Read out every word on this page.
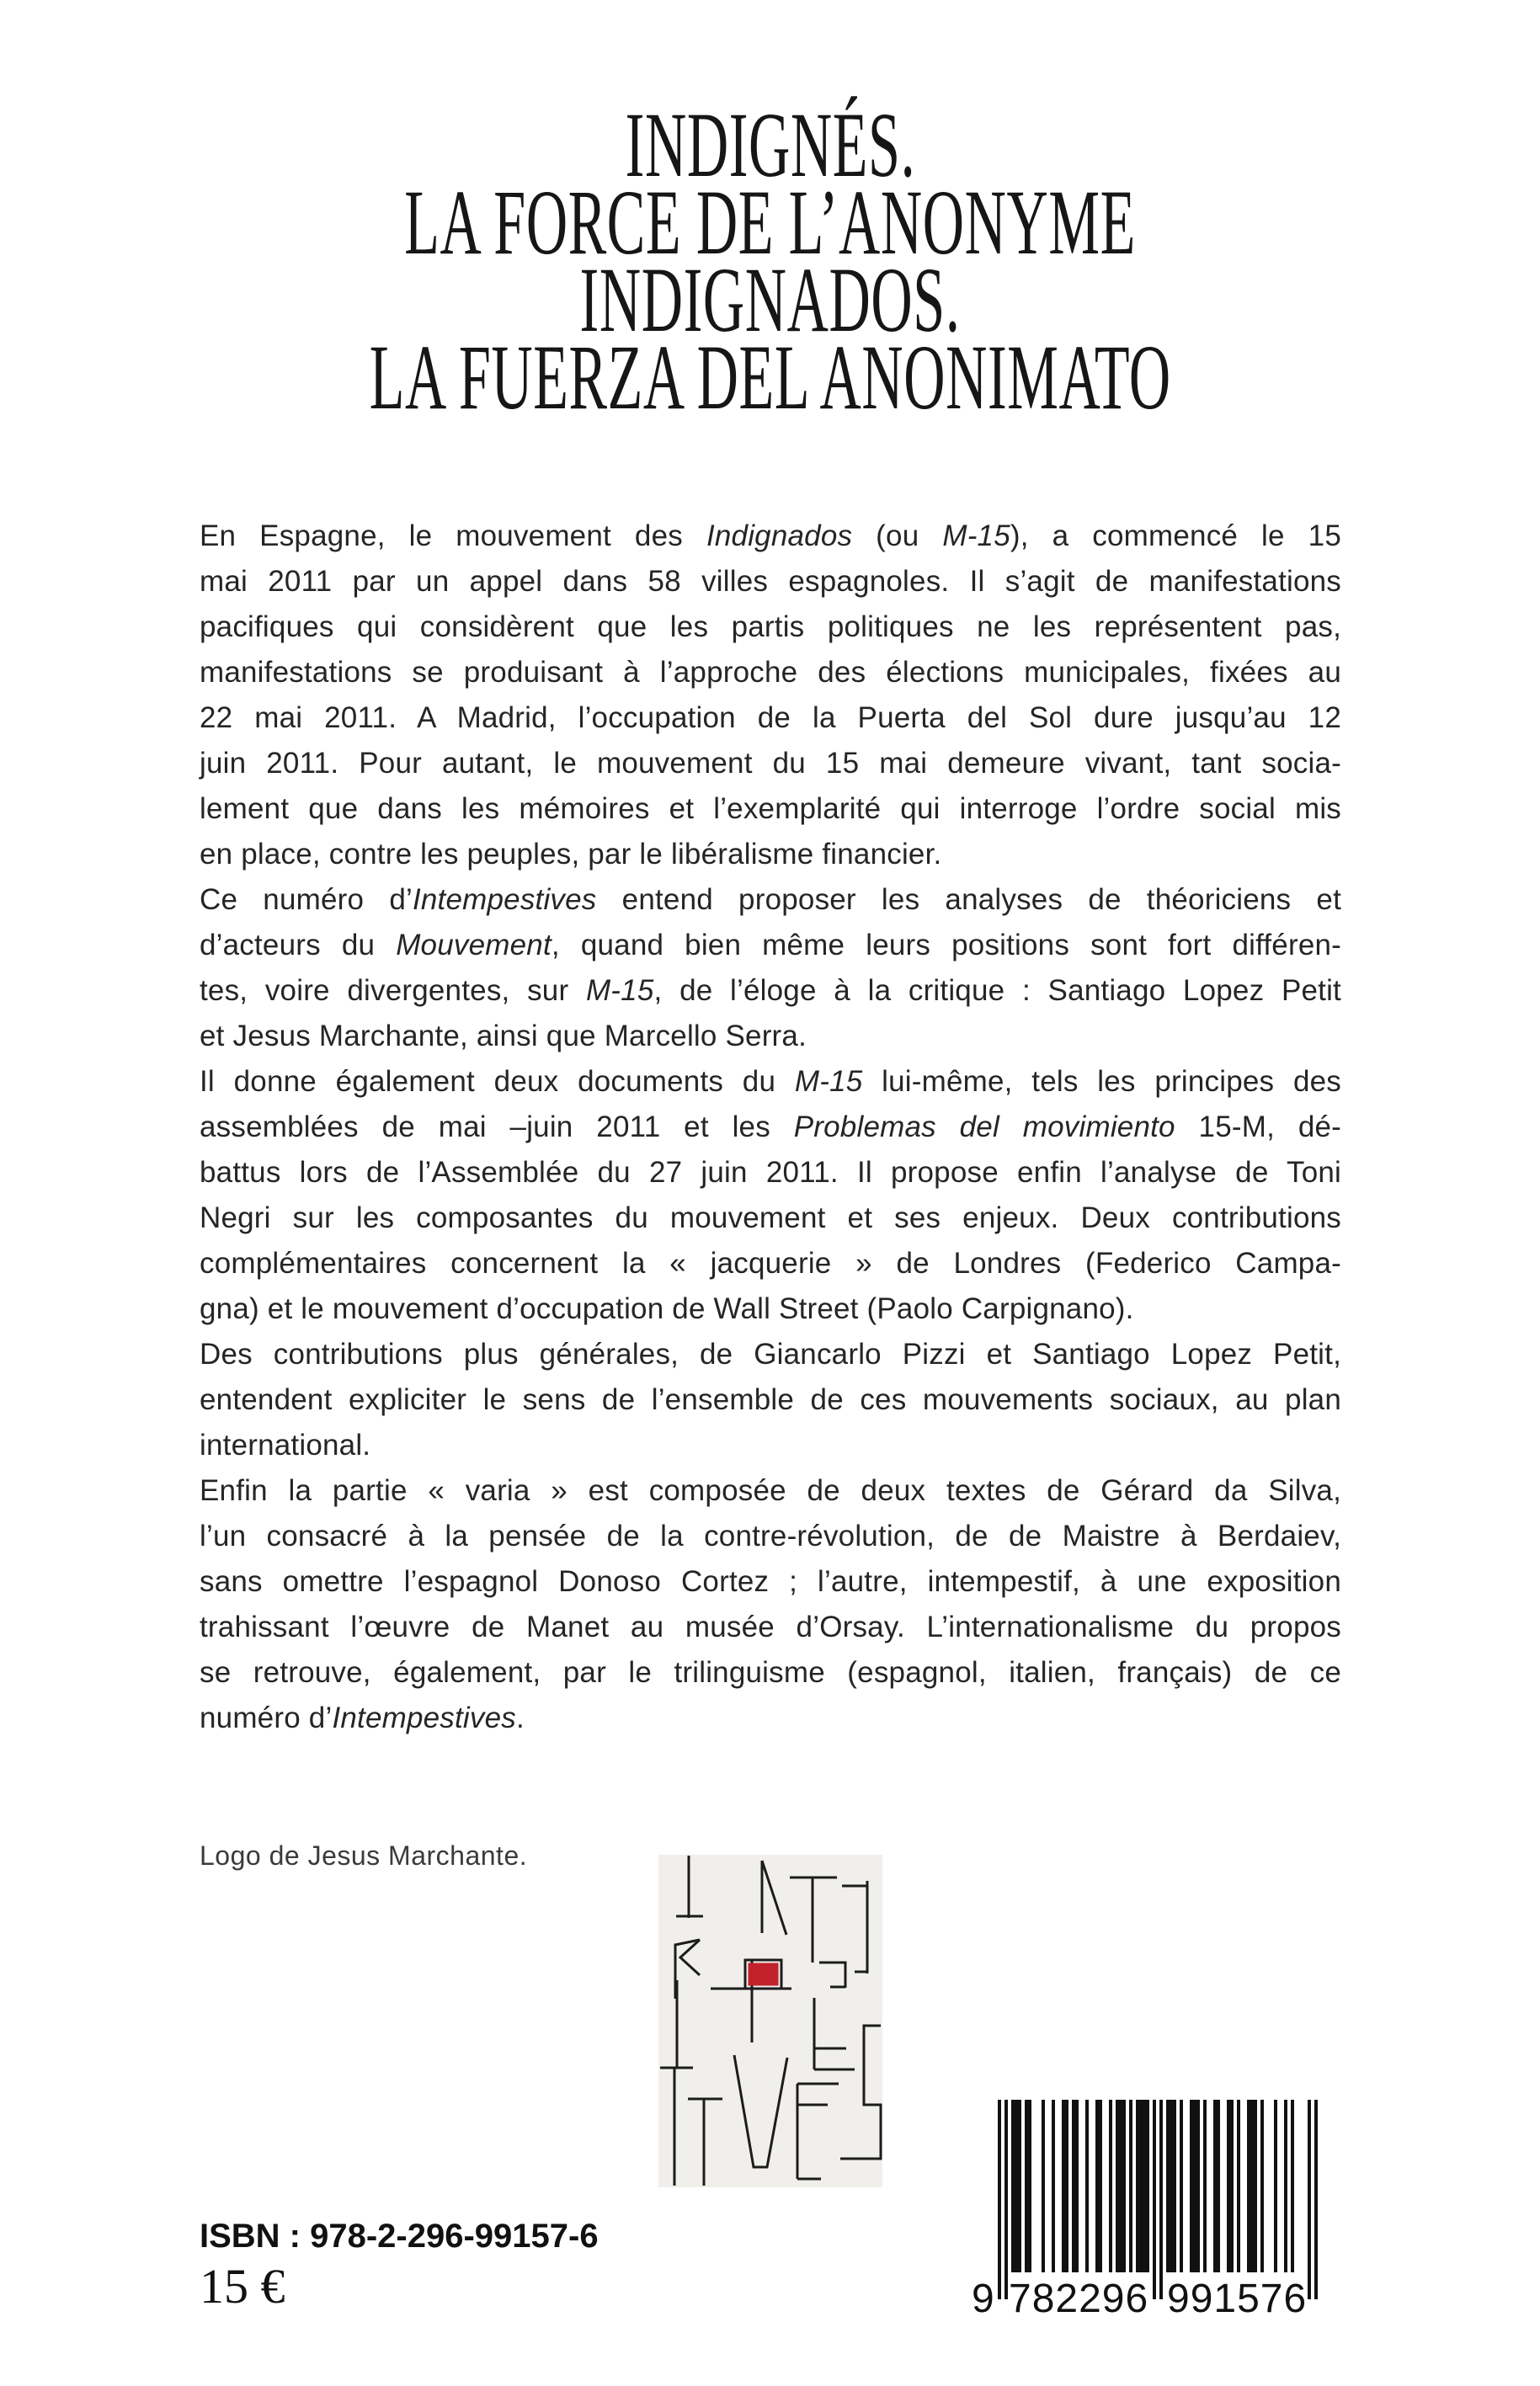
INDIGNÉS.
LA FORCE DE L’ANONYME
INDIGNADOS.
LA FUERZA DEL ANONIMATO
En Espagne, le mouvement des Indignados (ou M-15), a commencé le 15
mai 2011 par un appel dans 58 villes espagnoles. Il s’agit de manifestations
pacifiques qui considèrent que les partis politiques ne les représentent pas,
manifestations se produisant à l’approche des élections municipales, fixées au
22 mai 2011. A Madrid, l’occupation de la Puerta del Sol dure jusqu’au 12
juin 2011. Pour autant, le mouvement du 15 mai demeure vivant, tant socia-
lement que dans les mémoires et l’exemplarité qui interroge l’ordre social mis
en place, contre les peuples, par le libéralisme financier.
Ce numéro d’Intempestives entend proposer les analyses de théoriciens et
d’acteurs du Mouvement, quand bien même leurs positions sont fort différen-
tes, voire divergentes, sur M-15, de l’éloge à la critique : Santiago Lopez Petit
et Jesus Marchante, ainsi que Marcello Serra.
Il donne également deux documents du M-15 lui-même, tels les principes des
assemblées de mai –juin 2011 et les Problemas del movimiento 15-M, dé-
battus lors de l’Assemblée du 27 juin 2011. Il propose enfin l’analyse de Toni
Negri sur les composantes du mouvement et ses enjeux. Deux contributions
complémentaires concernent la « jacquerie » de Londres (Federico Campa-
gna) et le mouvement d’occupation de Wall Street (Paolo Carpignano).
Des contributions plus générales, de Giancarlo Pizzi et Santiago Lopez Petit,
entendent expliciter le sens de l’ensemble de ces mouvements sociaux, au plan
international.
Enfin la partie « varia » est composée de deux textes de Gérard da Silva,
l’un consacré à la pensée de la contre-révolution, de de Maistre à Berdaiev,
sans omettre l’espagnol Donoso Cortez ; l’autre, intempestif, à une exposition
trahissant l’œuvre de Manet au musée d’Orsay. L’internationalisme du propos
se retrouve, également, par le trilinguisme (espagnol, italien, français) de ce
numéro d’Intempestives.
Logo de Jesus Marchante.
ISBN : 978-2-296-99157-6
15 €	9 782296 991576
